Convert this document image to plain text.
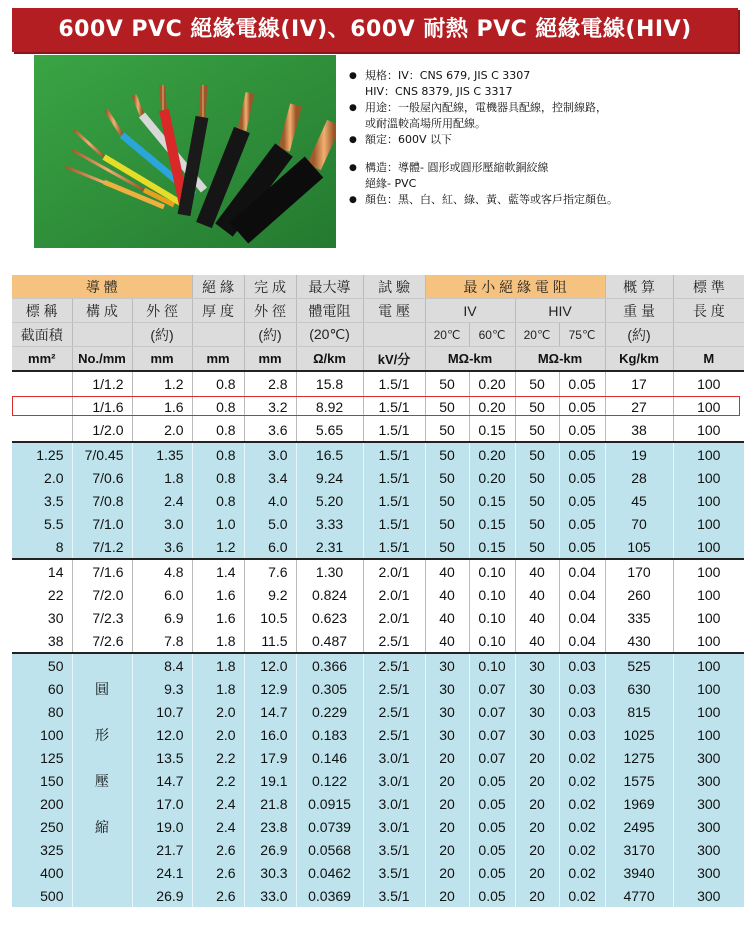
600V PVC 絕緣電線(IV)、600V 耐熱 PVC 絕緣電線(HIV)
● 規格：IV：CNS 679, JIS C 3307
HIV：CNS 8379, JIS C 3317
● 用途：一般屋內配線，電機器具配線，控制線路，
或耐溫較高場所用配線。
● 額定：600V 以下
● 構造：導體- 圓形或圓形壓縮軟銅絞線
絕緣- PVC
● 顏色：黑、白、紅、綠、黃、藍等或客戶指定顏色。
導 體			絕 緣	完 成	最大導	試 驗	最 小 絕 緣 電 阻				概 算	標 準
標 稱	構 成	外 徑	厚 度	外 徑	體電阻	電 壓	IV		HIV		重 量	長 度
截面積		(約)		(約)	(20℃)		20℃	60℃	20℃	75℃	(約)	
mm²	No./mm	mm	mm	mm	Ω/km	kV/分	MΩ-km		MΩ-km		Kg/km	M
	1/1.2	1.2	0.8	2.8	15.8	1.5/1	50	0.20	50	0.05	17	100
	1/1.6	1.6	0.8	3.2	8.92	1.5/1	50	0.20	50	0.05	27	100
	1/2.0	2.0	0.8	3.6	5.65	1.5/1	50	0.15	50	0.05	38	100
1.25	7/0.45	1.35	0.8	3.0	16.5	1.5/1	50	0.20	50	0.05	19	100
2.0	7/0.6	1.8	0.8	3.4	9.24	1.5/1	50	0.20	50	0.05	28	100
3.5	7/0.8	2.4	0.8	4.0	5.20	1.5/1	50	0.15	50	0.05	45	100
5.5	7/1.0	3.0	1.0	5.0	3.33	1.5/1	50	0.15	50	0.05	70	100
8	7/1.2	3.6	1.2	6.0	2.31	1.5/1	50	0.15	50	0.05	105	100
14	7/1.6	4.8	1.4	7.6	1.30	2.0/1	40	0.10	40	0.04	170	100
22	7/2.0	6.0	1.6	9.2	0.824	2.0/1	40	0.10	40	0.04	260	100
30	7/2.3	6.9	1.6	10.5	0.623	2.0/1	40	0.10	40	0.04	335	100
38	7/2.6	7.8	1.8	11.5	0.487	2.5/1	40	0.10	40	0.04	430	100
50		8.4	1.8	12.0	0.366	2.5/1	30	0.10	30	0.03	525	100
60	圓	9.3	1.8	12.9	0.305	2.5/1	30	0.07	30	0.03	630	100
80		10.7	2.0	14.7	0.229	2.5/1	30	0.07	30	0.03	815	100
100	形	12.0	2.0	16.0	0.183	2.5/1	30	0.07	30	0.03	1025	100
125		13.5	2.2	17.9	0.146	3.0/1	20	0.07	20	0.02	1275	300
150	壓	14.7	2.2	19.1	0.122	3.0/1	20	0.05	20	0.02	1575	300
200		17.0	2.4	21.8	0.0915	3.0/1	20	0.05	20	0.02	1969	300
250	縮	19.0	2.4	23.8	0.0739	3.0/1	20	0.05	20	0.02	2495	300
325		21.7	2.6	26.9	0.0568	3.5/1	20	0.05	20	0.02	3170	300
400		24.1	2.6	30.3	0.0462	3.5/1	20	0.05	20	0.02	3940	300
500		26.9	2.6	33.0	0.0369	3.5/1	20	0.05	20	0.02	4770	300
